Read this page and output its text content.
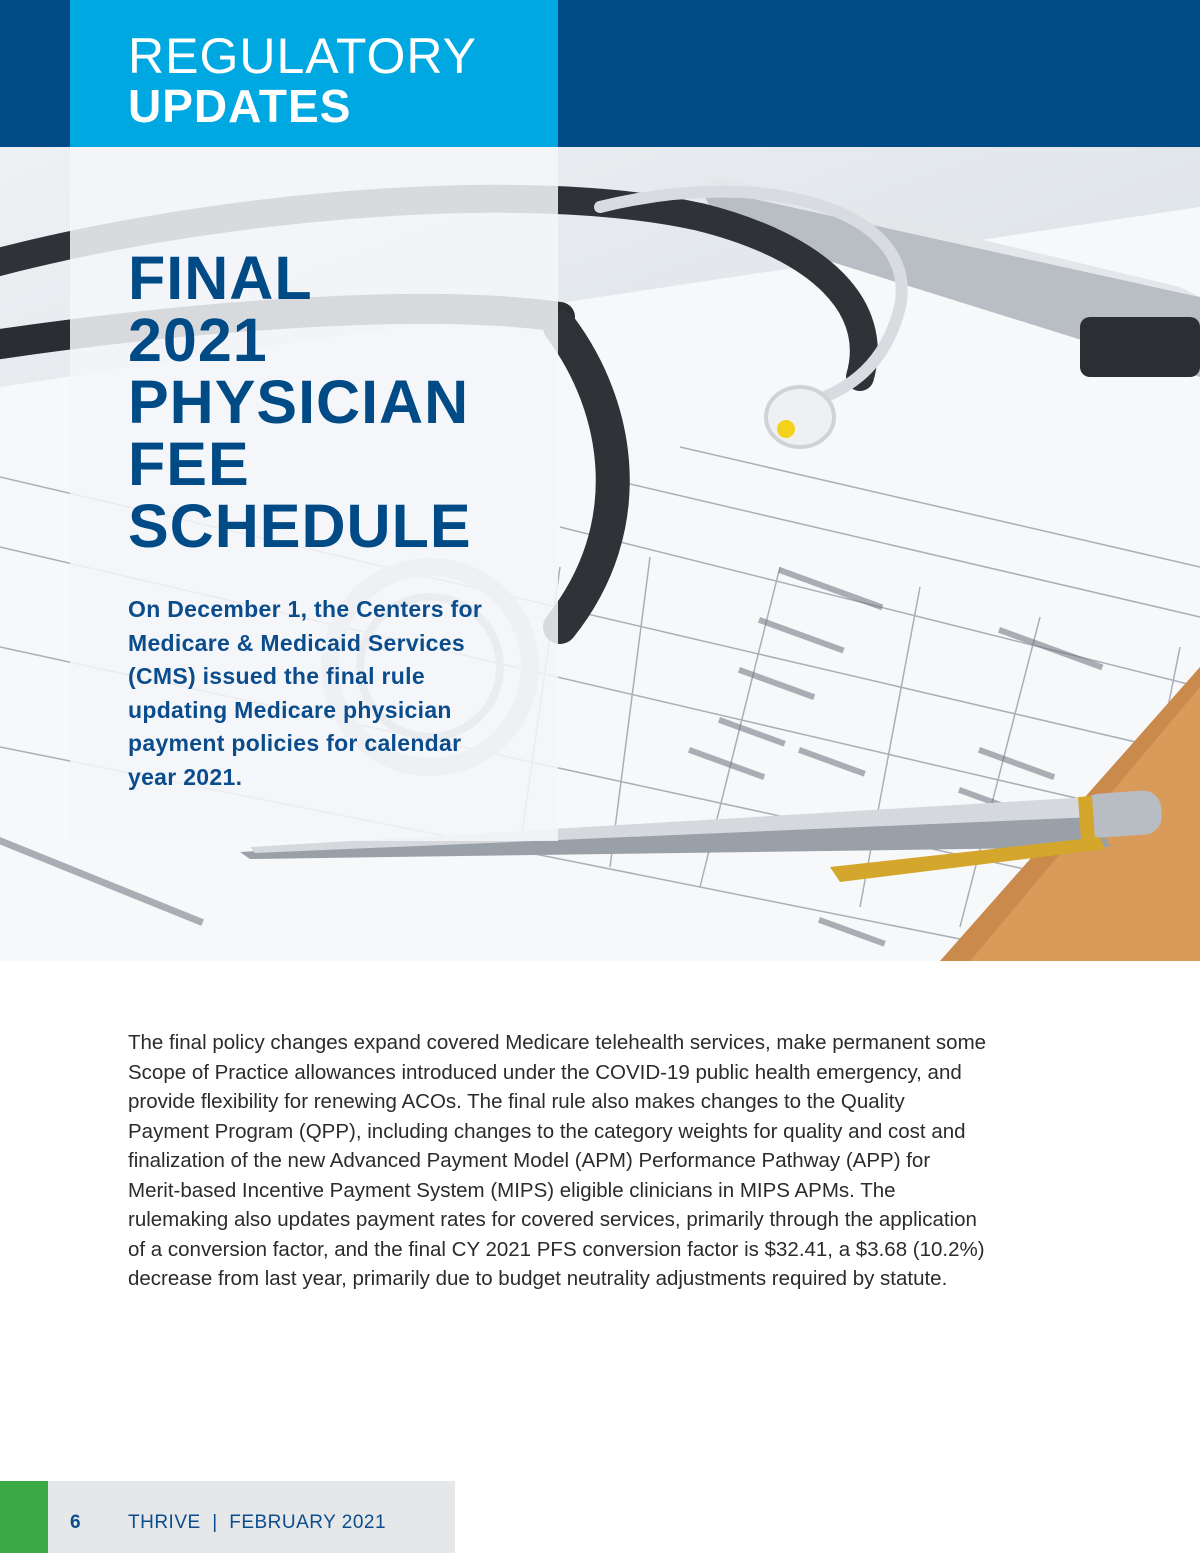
REGULATORY
UPDATES
FINAL
2021
PHYSICIAN
FEE
SCHEDULE

On December 1, the Centers for Medicare & Medicaid Services (CMS) issued the final rule updating Medicare physician payment policies for calendar year 2021.

The final policy changes expand covered Medicare telehealth services, make permanent some Scope of Practice allowances introduced under the COVID-19 public health emergency, and provide flexibility for renewing ACOs. The final rule also makes changes to the Quality Payment Program (QPP), including changes to the category weights for quality and cost and finalization of the new Advanced Payment Model (APM) Performance Pathway (APP) for Merit-based Incentive Payment System (MIPS) eligible clinicians in MIPS APMs. The rulemaking also updates payment rates for covered services, primarily through the application of a conversion factor, and the final CY 2021 PFS conversion factor is $32.41, a $3.68 (10.2%) decrease from last year, primarily due to budget neutrality adjustments required by statute.

6 THRIVE  |  FEBRUARY 2021
